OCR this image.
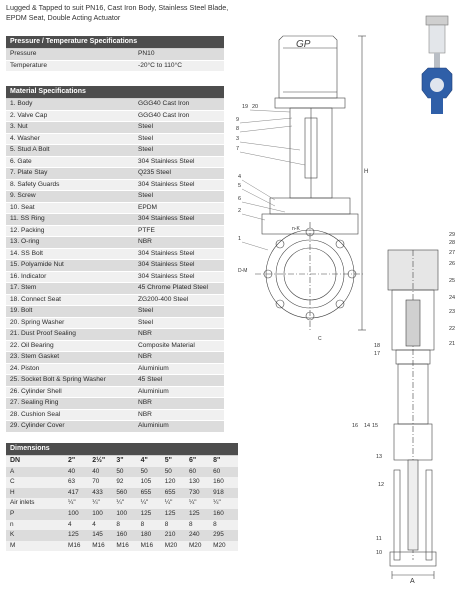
Lugged & Tapped to suit PN16, Cast Iron Body, Stainless Steel Blade,
EPDM Seat, Double Acting Actuator
Pressure / Temperature Specifications
Pressure	PN10
Temperature	-20°C to 110°C
Material Specifications
1. Body	GGG40 Cast Iron
2. Valve Cap	GGG40 Cast Iron
3. Nut	Steel
4. Washer	Steel
5. Stud A Bolt	Steel
6. Gate	304 Stainless Steel
7. Plate Stay	Q235 Steel
8. Safety Guards	304 Stainless Steel
9. Screw	Steel
10. Seat	EPDM
11. SS Ring	304 Stainless Steel
12. Packing	PTFE
13. O-ring	NBR
14. SS Bolt	304 Stainless Steel
15. Polyamide Nut	304 Stainless Steel
16. Indicator	304 Stainless Steel
17. Stem	45 Chrome Plated Steel
18. Connect Seat	ZG200-400 Steel
19. Bolt	Steel
20. Spring Washer	Steel
21. Dust Proof Sealing	NBR
22. Oil Bearing	Composite Material
23. Stem Gasket	NBR
24. Piston	Aluminium
25. Socket Bolt & Spring Washer	45 Steel
26. Cylinder Shell	Aluminium
27. Sealing Ring	NBR
28. Cushion Seal	NBR
29. Cylinder Cover	Aluminium
Dimensions
DN	2"	2½"	3"	4"	5"	6"	8"
A	40	40	50	50	50	60	60
C	63	70	92	105	120	130	160
H	417	433	560	655	655	730	918
Air inlets	¼"	¼"	¼"	¼"	¼"	¼"	¼"
P	100	100	100	125	125	125	160
n	4	4	8	8	8	8	8
K	125	145	160	180	210	240	295
M	M16	M16	M16	M16	M20	M20	M20
GP
19 20
9
8
3
7
4
5
6
2
1
H
D-M
n-K
C
29
28
27
26
25
24
23
22
21
18
17
16 14 15
13
12
11
10
A
